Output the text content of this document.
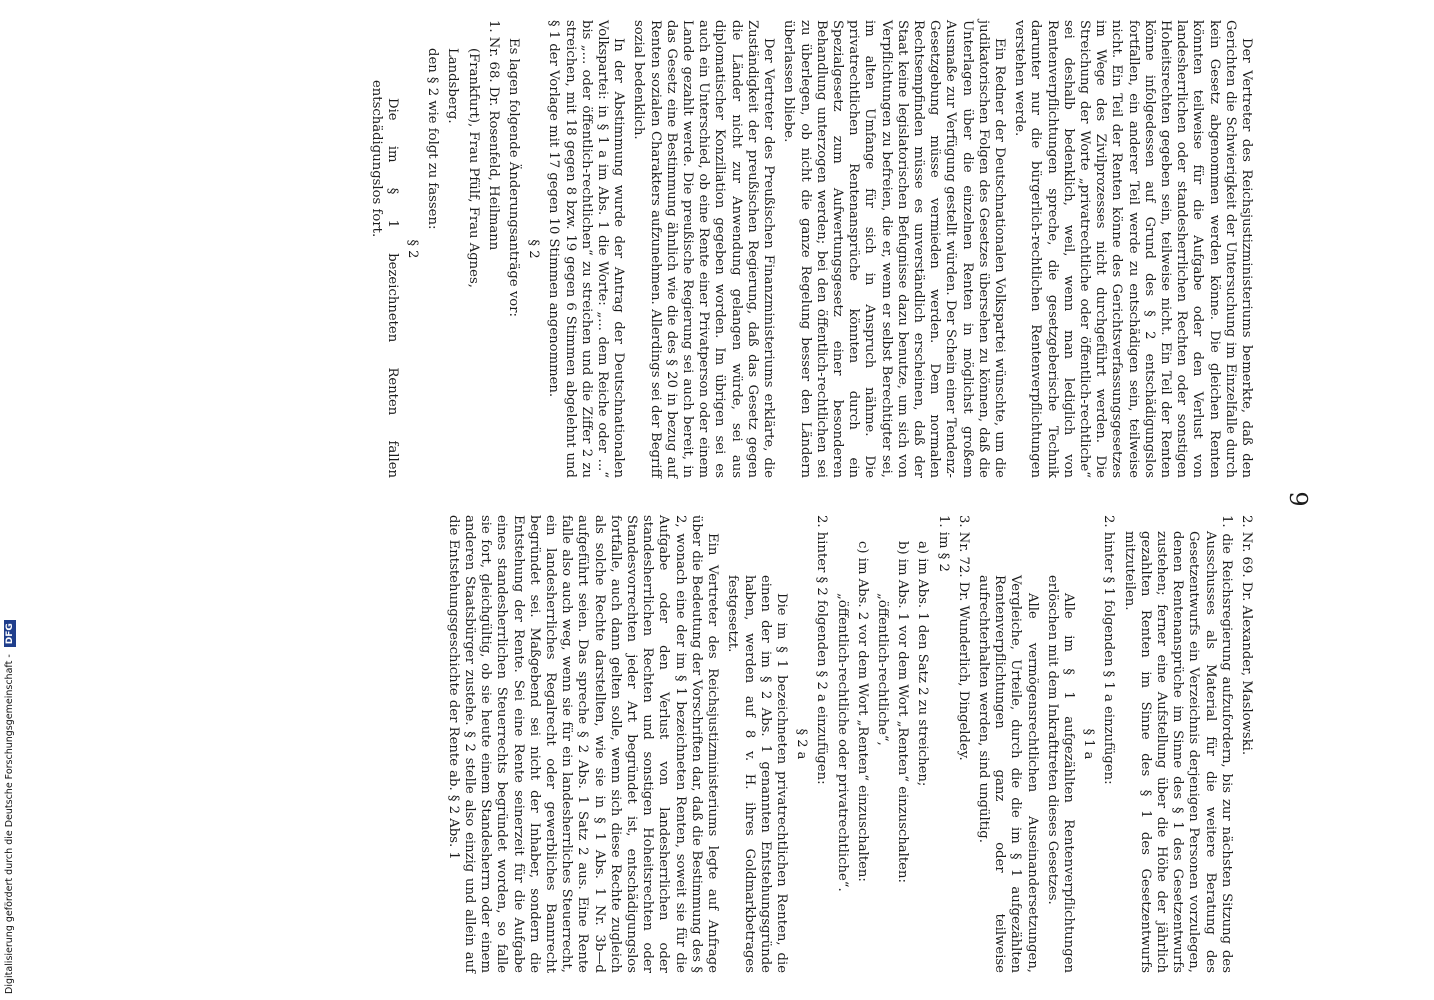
9

Der Vertreter des Reichsjustizministeriums bemerkte, daß den Gerichten die Schwierigkeit der Untersuchung im Einzelfalle durch kein Gesetz abgenommen werden könne. Die gleichen Renten könnten teilweise für die Aufgabe oder den Verlust von landesherrlichen oder standesherrlichen Rechten oder sonstigen Hoheitsrechten gegeben sein, teilweise nicht. Ein Teil der Renten könne infolgedessen auf Grund des § 2 entschädigungslos fortfallen, ein anderer Teil werde zu entschädigen sein, teilweise nicht. Ein Teil der Renten könne des Gerichtsverfassungsgesetzes im Wege des Zivilprozesses nicht durchgeführt werden. Die Streichung der Worte „privatrechtliche oder öffentlich-rechtliche“ sei deshalb bedenklich, weil, wenn man lediglich von Rentenverpflichtungen spreche, die gesetzgeberische Technik darunter nur die bürgerlich-rechtlichen Rentenverpflichtungen verstehen werde.

Ein Redner der Deutschnationalen Volkspartei wünschte, um die judikatorischen Folgen des Gesetzes übersehen zu können, daß die Unterlagen über die einzelnen Renten in möglichst großem Ausmaße zur Verfügung gestellt würden. Der Schein einer Tendenz-Gesetzgebung müsse vermieden werden. Dem normalen Rechtsempfinden müsse es unverständlich erscheinen, daß der Staat keine legislatorischen Befugnisse dazu benutze, um sich von Verpflichtungen zu befreien, die er, wenn er selbst Berechtigter sei, im alten Umfange für sich in Anspruch nähme. Die privatrechtlichen Rentenansprüche könnten durch ein Spezialgesetz zum Aufwertungsgesetz einer besonderen Behandlung unterzogen werden; bei den öffentlich-rechtlichen sei zu überlegen, ob nicht die ganze Regelung besser den Ländern überlassen bliebe.

Der Vertreter des Preußischen Finanzministeriums erklärte, die Zuständigkeit der preußischen Regierung, daß das Gesetz gegen die Länder nicht zur Anwendung gelangen würde, sei aus diplomatischer Konziliation gegeben worden. Im übrigen sei es auch ein Unterschied, ob eine Rente einer Privatperson oder einem Lande gezahlt werde. Die preußische Regierung sei auch bereit, in das Gesetz eine Bestimmung ähnlich wie die des § 20 in bezug auf Renten sozialen Charakters aufzunehmen. Allerdings sei der Begriff sozial bedenklich.

In der Abstimmung wurde der Antrag der Deutschnationalen Volkspartei: in § 1 a im Abs. 1 die Worte: „... dem Reiche oder ...“ bis „... oder öffentlich-rechtlichen“ zu streichen und die Ziffer 2 zu streichen, mit 18 gegen 8 bzw. 19 gegen 6 Stimmen abgelehnt und § 1 der Vorlage mit 17 gegen 10 Stimmen angenommen.

§ 2

Es lagen folgende Änderungsanträge vor:

1. Nr. 68. Dr. Rosenfeld, Heilmann

(Frankfurt), Frau Pfülf, Frau Agnes,

Landsberg.

den § 2 wie folgt zu fassen:

§ 2

Die im § 1 bezeichneten Renten fallen entschädigungslos fort.

2. Nr. 69. Dr. Alexander, Maslowski.

1. die Reichsregierung aufzufordern, bis zur nächsten Sitzung des Ausschusses als Material für die weitere Beratung des Gesetzentwurfs ein Verzeichnis derjenigen Personen vorzulegen, denen Rentenansprüche im Sinne des § 1 des Gesetzentwurfs zustehen; ferner eine Aufstellung über die Höhe der jährlich gezahlten Renten im Sinne des § 1 des Gesetzentwurfs mitzuteilen.

2. hinter § 1 folgenden § 1 a einzufügen:

§ 1 a

Alle im § 1 aufgezählten Rentenverpflichtungen erlöschen mit dem Inkrafttreten dieses Gesetzes.

Alle vermögensrechtlichen Auseinandersetzungen, Vergleiche, Urteile, durch die die im § 1 aufgezählten Rentenverpflichtungen ganz oder teilweise aufrechterhalten werden, sind ungültig.

3. Nr. 72. Dr. Wunderlich, Dingeldey.

1. im § 2

a) im Abs. 1 den Satz 2 zu streichen;

b) im Abs. 1 vor dem Wort „Renten“ einzuschalten:

„öffentlich-rechtliche“,

c) im Abs. 2 vor dem Wort „Renten“ einzuschalten:

„öffentlich-rechtliche oder privatrechtliche“.

2. hinter § 2 folgenden § 2 a einzufügen:

§ 2 a

Die im § 1 bezeichneten privatrechtlichen Renten, die einen der im § 2 Abs. 1 genannten Entstehungsgründe haben, werden auf 8 v. H. ihres Goldmarkbetrages festgesetzt.

Ein Vertreter des Reichsjustizministeriums legte auf Anfrage über die Bedeutung der Vorschriften dar, daß die Bestimmung des § 2, wonach eine der im § 1 bezeichneten Renten, soweit sie für die Aufgabe oder den Verlust von landesherrlichen oder standesherrlichen Rechten und sonstigen Hoheitsrechten oder Standesvorrechten jeder Art begründet ist, entschädigungslos fortfalle, auch dann gelten solle, wenn sich diese Rechte zugleich als solche Rechte darstellten, wie sie in § 1 Abs. 1 Nr. 3b—d aufgeführt seien. Das spreche § 2 Abs. 1 Satz 2 aus. Eine Rente falle also auch weg, wenn sie für ein landesherrliches Steuerrecht, ein landesherrliches Regalrecht oder gewerbliches Bannrecht begründet sei. Maßgebend sei nicht der Inhaber, sondern die Entstehung der Rente. Sei eine Rente seinerzeit für die Aufgabe eines standesherrlichen Steuerrechts begründet worden, so falle sie fort, gleichgültig, ob sie heute einem Standesherrn oder einem anderen Staatsbürger zustehe. § 2 stelle also einzig und allein auf die Entstehungsgeschichte der Rente ab. § 2 Abs. 1

Digitalisierung gefördert durch die Deutsche Forschungsgemeinschaft - DFG
